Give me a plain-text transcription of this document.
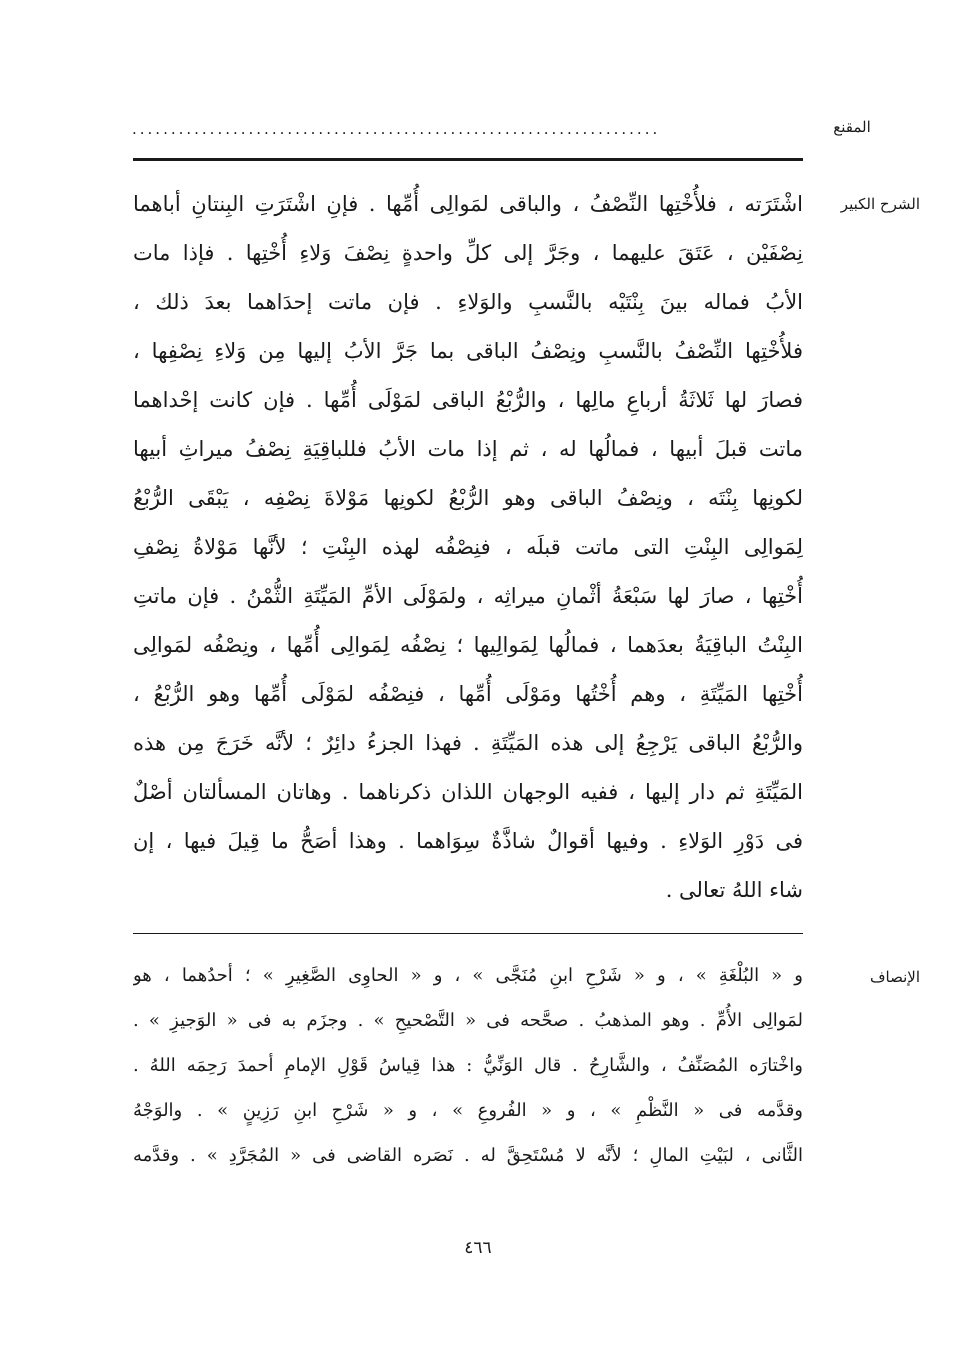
المقنع
....................................................................
الشرح الكبير
اشْتَرَته ، فلأُخْتِها النِّصْفُ ، والباقى لمَوالِى أُمِّها . فإنِ اشْتَرَتِ البِنتانِ أباهما
نِصْفَيْن ، عَتَقَ عليهما ، وجَرَّ إلى كلِّ واحدةٍ نِصْفَ وَلاءِ أُخْتِها . فإذا مات
الأبُ فماله بينَ بِنْتَيْه بالنَّسبِ والوَلاءِ . فإن ماتت إحدَاهما بعدَ ذلك ،
فلأُخْتِها النِّصْفُ بالنَّسبِ ونِصْفُ الباقى بما جَرَّ الأبُ إليها مِن وَلاءِ نِصْفِها ،
فصارَ لها ثَلاثَةُ أرباعِ مالِها ، والرُّبْعُ الباقى لمَوْلَى أُمِّها . فإن كانت إحْداهما
ماتت قبلَ أبيها ، فمالُها له ، ثم إذا مات الأبُ فللباقِيَةِ نِصْفُ ميراثِ أبيها
لكونِها بِنْتَه ، ونِصْفُ الباقى وهو الرُّبْعُ لكونِها مَوْلاةَ نِصْفِه ، يَبْقَى الرُّبْعُ
لِمَوالِى البِنْتِ التى ماتت قبلَه ، فنِصْفُه لهذه البِنْتِ ؛ لأنَّها مَوْلاةُ نِصْفِ
أُخْتِها ، صارَ لها سَبْعَةُ أثْمانِ ميراثِه ، ولمَوْلَى الأمِّ المَيِّتَةِ الثُّمْنُ . فإن ماتتِ
البِنْتُ الباقِيَةُ بعدَهما ، فمالُها لِمَوالِيها ؛ نِصْفُه لِمَوالِى أُمِّها ، ونِصْفُه لمَوالِى
أُخْتِها المَيِّتَةِ ، وهم أُخْتُها ومَوْلَى أُمِّها ، فنِصْفُه لمَوْلَى أُمِّها وهو الرُّبْعُ ،
والرُّبْعُ الباقى يَرْجِعُ إلى هذه المَيِّتَةِ . فهذا الجزءُ دائِرٌ ؛ لأنَّه خَرَجَ مِن هذه
المَيِّتَةِ ثم دار إليها ، ففيه الوجهان اللذان ذكرناهما . وهاتان المسألتان أصْلٌ
فى دَوْرِ الوَلاءِ . وفيها أقوالٌ شاذَّةٌ سِوَاهما . وهذا أصَحُّ ما قِيلَ فيها ، إن
شاء اللهُ تعالى .
الإنصاف
و « البُلْغَةِ » ، و « شَرْحِ ابنِ مُنَجَّى » ، و « الحاوِى الصَّغِيرِ » ؛ أحدُهما ، هو
لمَوالِى الأُمِّ . وهو المذهبُ . صحَّحه فى « التَّصْحيحِ » . وجزَم به فى « الوَجيزِ » .
واخْتارَه المُصَنِّفُ ، والشَّارِحُ . قال الوَنِّيُّ : هذا قِياسُ قَوْلِ الإمامِ أحمدَ رَحِمَه اللهُ .
وقدَّمه فى « النَّظْمِ » ، و « الفُروعِ » ، و « شَرْحِ ابنِ رَزِينٍ » . والوَجْهُ
الثَّانى ، لبَيْتِ المالِ ؛ لأنَّه لا مُسْتَحِقَّ له . نَصَره القاضى فى « المُجَرَّدِ » . وقدَّمه
٤٦٦
